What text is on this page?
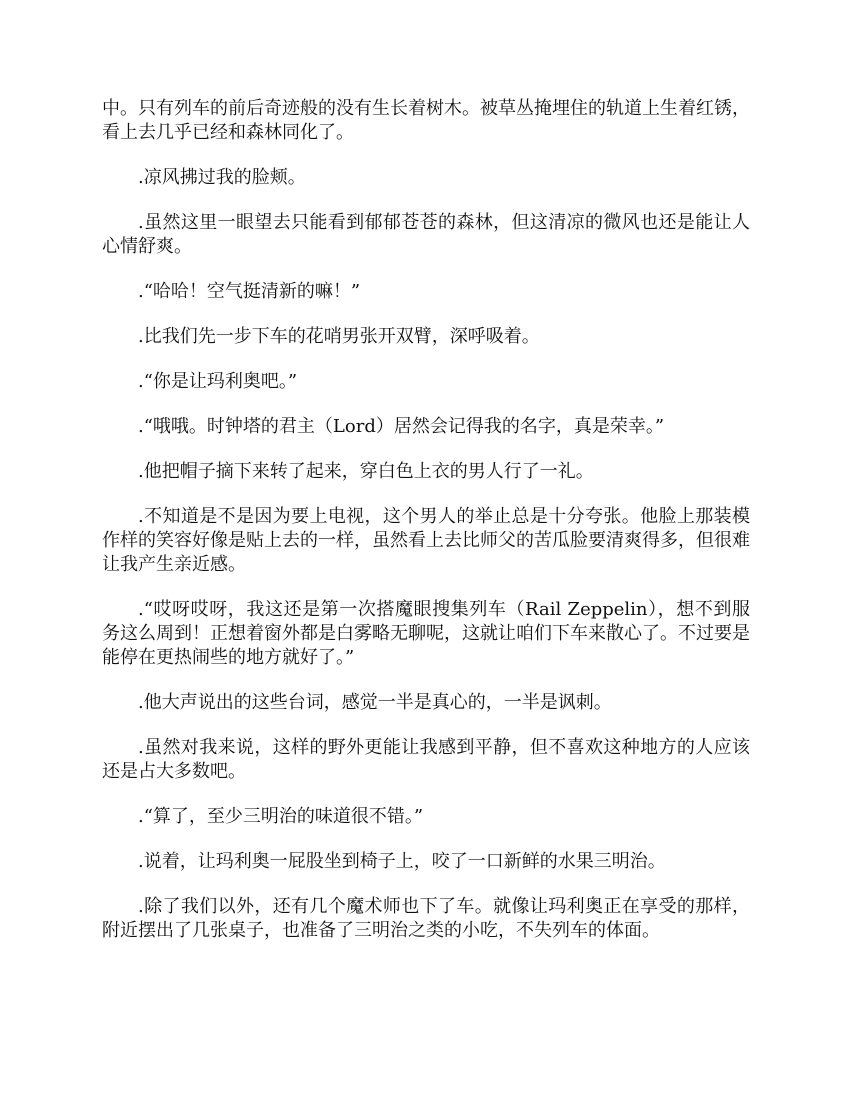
中。只有列车的前后奇迹般的没有生长着树木。被草丛掩埋住的轨道上生着红锈，看上去几乎已经和森林同化了。

.凉风拂过我的脸颊。

.虽然这里一眼望去只能看到郁郁苍苍的森林，但这清凉的微风也还是能让人心情舒爽。

.“哈哈！空气挺清新的嘛！”

.比我们先一步下车的花哨男张开双臂，深呼吸着。

.“你是让玛利奥吧。”

.“哦哦。时钟塔的君主（Lord）居然会记得我的名字，真是荣幸。”

.他把帽子摘下来转了起来，穿白色上衣的男人行了一礼。

.不知道是不是因为要上电视，这个男人的举止总是十分夸张。他脸上那装模作样的笑容好像是贴上去的一样，虽然看上去比师父的苦瓜脸要清爽得多，但很难让我产生亲近感。

.“哎呀哎呀，我这还是第一次搭魔眼搜集列车（Rail Zeppelin），想不到服务这么周到！正想着窗外都是白雾略无聊呢，这就让咱们下车来散心了。不过要是能停在更热闹些的地方就好了。”

.他大声说出的这些台词，感觉一半是真心的，一半是讽刺。

.虽然对我来说，这样的野外更能让我感到平静，但不喜欢这种地方的人应该还是占大多数吧。

.“算了，至少三明治的味道很不错。”

.说着，让玛利奥一屁股坐到椅子上，咬了一口新鲜的水果三明治。

.除了我们以外，还有几个魔术师也下了车。就像让玛利奥正在享受的那样，附近摆出了几张桌子，也准备了三明治之类的小吃，不失列车的体面。
